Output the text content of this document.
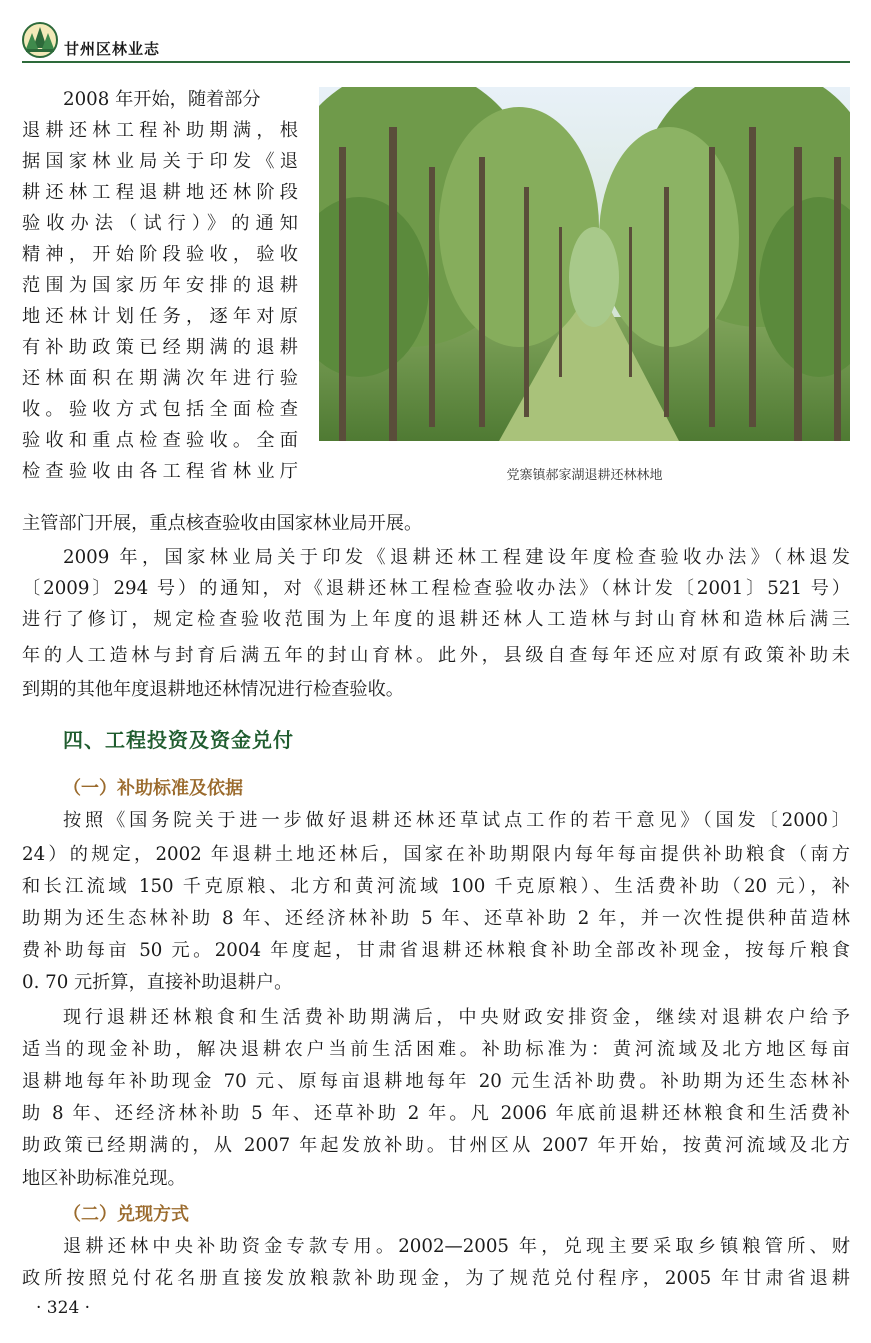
甘州区林业志
党寨镇郝家湖退耕还林林地
2008 年开始，随着部分
退耕还林工程补助期满，根
据国家林业局关于印发《退
耕还林工程退耕地还林阶段
验收办法（试行）》的通知
精神，开始阶段验收，验收
范围为国家历年安排的退耕
地还林计划任务，逐年对原
有补助政策已经期满的退耕
还林面积在期满次年进行验
收。验收方式包括全面检查
验收和重点检查验收。全面
检查验收由各工程省林业厅
主管部门开展，重点核查验收由国家林业局开展。
2009 年，国家林业局关于印发《退耕还林工程建设年度检查验收办法》（林退发
〔2009〕294 号）的通知，对《退耕还林工程检查验收办法》（林计发〔2001〕521 号）
进行了修订，规定检查验收范围为上年度的退耕还林人工造林与封山育林和造林后满三
年的人工造林与封育后满五年的封山育林。此外，县级自查每年还应对原有政策补助未
到期的其他年度退耕地还林情况进行检查验收。
四、工程投资及资金兑付
（一）补助标准及依据
按照《国务院关于进一步做好退耕还林还草试点工作的若干意见》（国发〔2000〕
24）的规定，2002 年退耕土地还林后，国家在补助期限内每年每亩提供补助粮食（南方
和长江流域 150 千克原粮、北方和黄河流域 100 千克原粮）、生活费补助（20 元），补
助期为还生态林补助 8 年、还经济林补助 5 年、还草补助 2 年，并一次性提供种苗造林
费补助每亩 50 元。2004 年度起，甘肃省退耕还林粮食补助全部改补现金，按每斤粮食
0. 70 元折算，直接补助退耕户。
现行退耕还林粮食和生活费补助期满后，中央财政安排资金，继续对退耕农户给予
适当的现金补助，解决退耕农户当前生活困难。补助标准为：黄河流域及北方地区每亩
退耕地每年补助现金 70 元、原每亩退耕地每年 20 元生活补助费。补助期为还生态林补
助 8 年、还经济林补助 5 年、还草补助 2 年。凡 2006 年底前退耕还林粮食和生活费补
助政策已经期满的，从 2007 年起发放补助。甘州区从 2007 年开始，按黄河流域及北方
地区补助标准兑现。
（二）兑现方式
退耕还林中央补助资金专款专用。2002—2005 年，兑现主要采取乡镇粮管所、财
政所按照兑付花名册直接发放粮款补助现金，为了规范兑付程序，2005 年甘肃省退耕
· 324 ·
